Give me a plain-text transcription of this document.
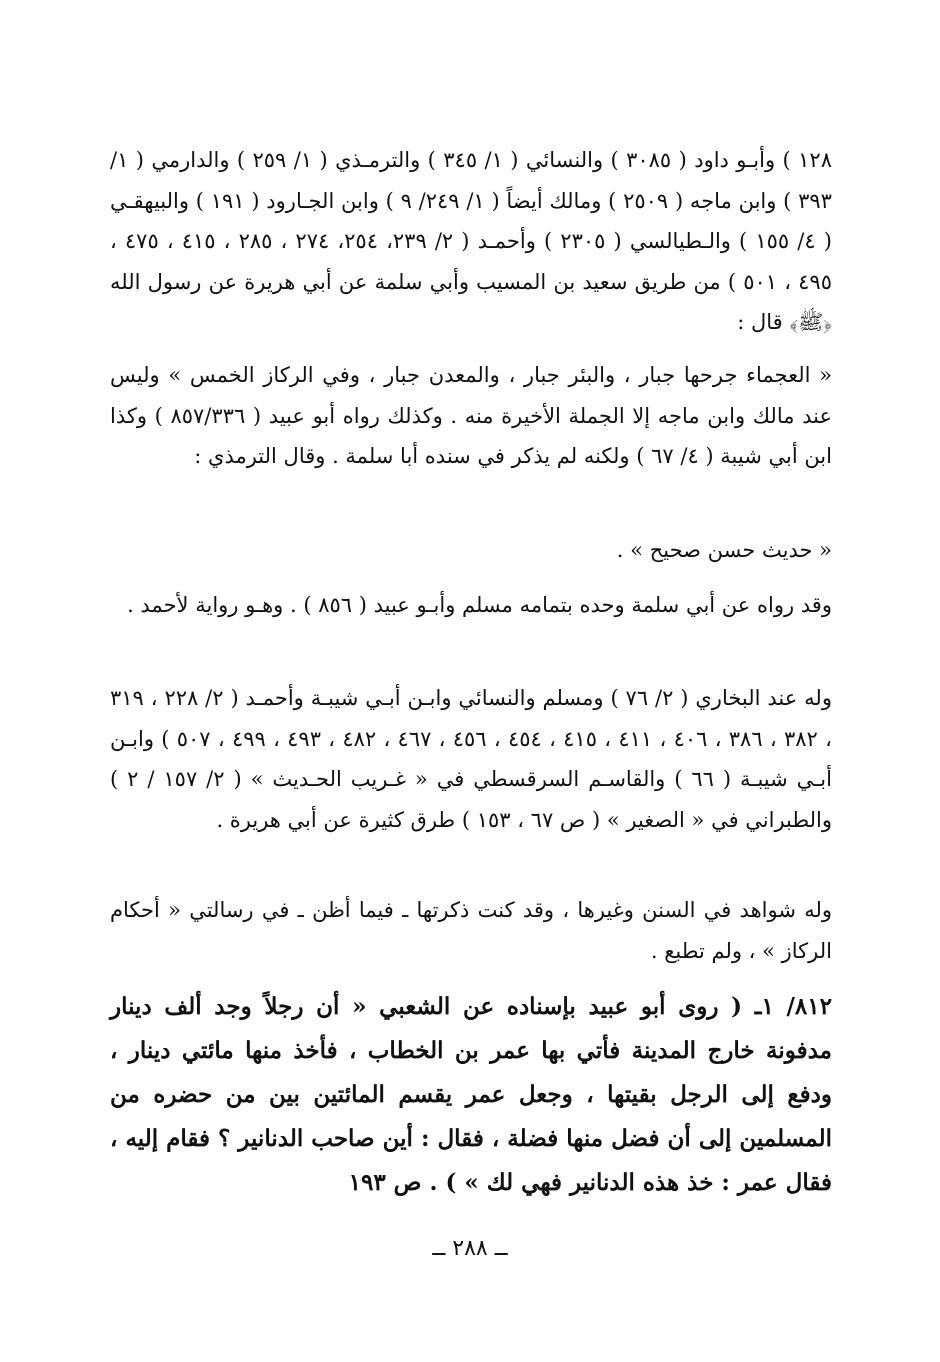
١٢٨ ) وأبـو داود ( ٣٠٨٥ ) والنسائي ( ١/ ٣٤٥ ) والترمـذي ( ١/ ٢٥٩ ) والدارمي ( ١/ ٣٩٣ ) وابن ماجه ( ٢٥٠٩ ) ومالك أيضاً ( ١/ ٢٤٩/ ٩ ) وابن الجـارود ( ١٩١ ) والبيهقـي ( ٤/ ١٥٥ ) والـطيالسي ( ٢٣٠٥ ) وأحمـد ( ٢/ ٢٣٩، ٢٥٤، ٢٧٤ ، ٢٨٥ ، ٤١٥ ، ٤٧٥ ، ٤٩٥ ، ٥٠١ ) من طريق سعيد بن المسيب وأبي سلمة عن أبي هريرة عن رسول الله ﴿ﷺ﴾ قال :

« العجماء جرحها جبار ، والبئر جبار ، والمعدن جبار ، وفي الركاز الخمس » وليس عند مالك وابن ماجه إلا الجملة الأخيرة منه . وكذلك رواه أبو عبيد ( ٨٥٧/٣٣٦ ) وكذا ابن أبي شيبة ( ٤/ ٦٧ ) ولكنه لم يذكر في سنده أبا سلمة . وقال الترمذي :

« حديث حسن صحيح » .

وقد رواه عن أبي سلمة وحده بتمامه مسلم وأبـو عبيد ( ٨٥٦ ) . وهـو رواية لأحمد .

وله عند البخاري ( ٢/ ٧٦ ) ومسلم والنسائي وابـن أبـي شيبـة وأحمـد ( ٢/ ٢٢٨ ، ٣١٩ ، ٣٨٢ ، ٣٨٦ ، ٤٠٦ ، ٤١١ ، ٤١٥ ، ٤٥٤ ، ٤٥٦ ، ٤٦٧ ، ٤٨٢ ، ٤٩٣ ، ٤٩٩ ، ٥٠٧ ) وابـن أبـي شيبـة ( ٦٦ ) والقاسـم السرقسطي في « غـريب الحـديث » ( ٢/ ١٥٧ / ٢ ) والطبراني في « الصغير » ( ص ٦٧ ، ١٥٣ ) طرق كثيرة عن أبي هريرة .

وله شواهد في السنن وغيرها ، وقد كنت ذكرتها ـ فيما أظن ـ في رسالتي « أحكام الركاز » ، ولم تطبع .

٨١٢/ ١ـ ( روى أبو عبيد بإسناده عن الشعبي « أن رجلاً وجد ألف دينار مدفونة خارج المدينة فأتي بها عمر بن الخطاب ، فأخذ منها مائتي دينار ، ودفع إلى الرجل بقيتها ، وجعل عمر يقسم المائتين بين من حضره من المسلمين إلى أن فضل منها فضلة ، فقال : أين صاحب الدنانير ؟ فقام إليه ، فقال عمر : خذ هذه الدنانير فهي لك » ) . ص ١٩٣

ــ ٢٨٨ ــ
